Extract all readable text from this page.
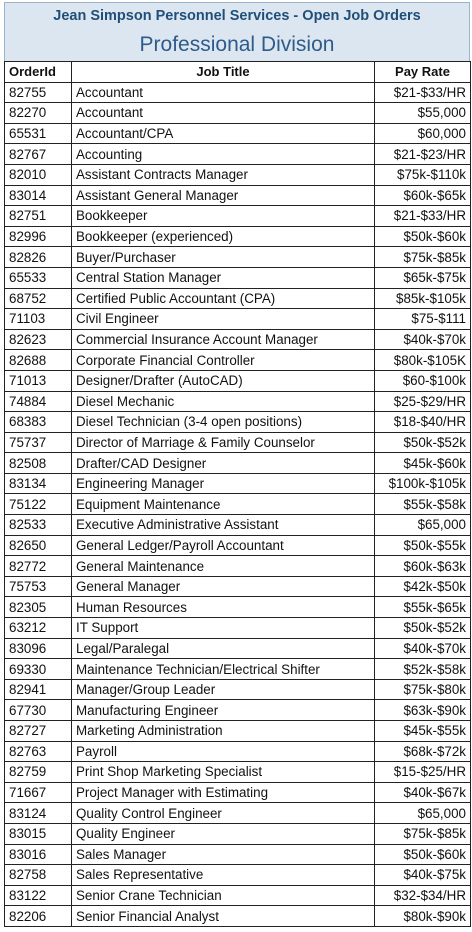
Jean Simpson Personnel Services - Open Job Orders
Professional Division
OrderId	Job Title	Pay Rate
82755	Accountant	$21-$33/HR
82270	Accountant	$55,000
65531	Accountant/CPA	$60,000
82767	Accounting	$21-$23/HR
82010	Assistant Contracts Manager	$75k-$110k
83014	Assistant General Manager	$60k-$65k
82751	Bookkeeper	$21-$33/HR
82996	Bookkeeper (experienced)	$50k-$60k
82826	Buyer/Purchaser	$75k-$85k
65533	Central Station Manager	$65k-$75k
68752	Certified Public Accountant (CPA)	$85k-$105k
71103	Civil Engineer	$75-$111
82623	Commercial Insurance Account Manager	$40k-$70k
82688	Corporate Financial Controller	$80k-$105K
71013	Designer/Drafter (AutoCAD)	$60-$100k
74884	Diesel Mechanic	$25-$29/HR
68383	Diesel Technician (3-4 open positions)	$18-$40/HR
75737	Director of Marriage & Family Counselor	$50k-$52k
82508	Drafter/CAD Designer	$45k-$60k
83134	Engineering Manager	$100k-$105k
75122	Equipment Maintenance	$55k-$58k
82533	Executive Administrative Assistant	$65,000
82650	General Ledger/Payroll Accountant	$50k-$55k
82772	General Maintenance	$60k-$63k
75753	General Manager	$42k-$50k
82305	Human Resources	$55k-$65k
63212	IT Support	$50k-$52k
83096	Legal/Paralegal	$40k-$70k
69330	Maintenance Technician/Electrical Shifter	$52k-$58k
82941	Manager/Group Leader	$75k-$80k
67730	Manufacturing Engineer	$63k-$90k
82727	Marketing Administration	$45k-$55k
82763	Payroll	$68k-$72k
82759	Print Shop Marketing Specialist	$15-$25/HR
71667	Project Manager with Estimating	$40k-$67k
83124	Quality Control Engineer	$65,000
83015	Quality Engineer	$75k-$85k
83016	Sales Manager	$50k-$60k
82758	Sales Representative	$40k-$75k
83122	Senior Crane Technician	$32-$34/HR
82206	Senior Financial Analyst	$80k-$90k
